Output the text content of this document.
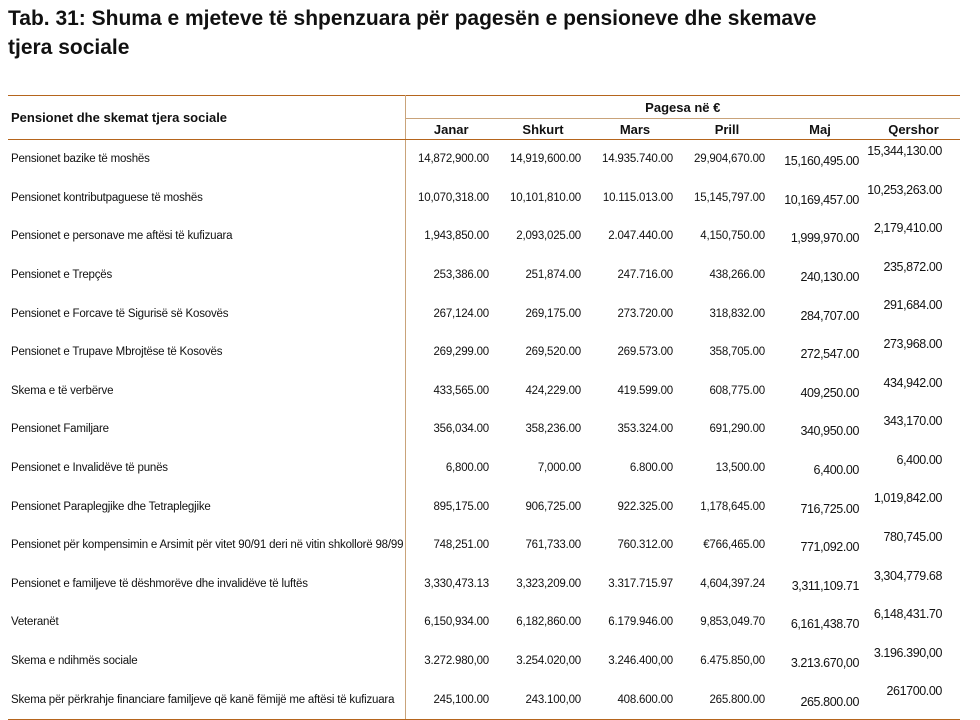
Tab. 31: Shuma e mjeteve të shpenzuara për pagesën e pensioneve dhe skemave
tjera sociale
Pensionet dhe skemat tjera sociale	Pagesa në €					
	Janar	Shkurt	Mars	Prill	Maj	Qershor
Pensionet bazike të moshës	14,872,900.00	14,919,600.00	14.935.740.00	29,904,670.00	15,160,495.00	15,344,130.00
Pensionet kontributpaguese të moshës	10,070,318.00	10,101,810.00	10.115.013.00	15,145,797.00	10,169,457.00	10,253,263.00
Pensionet e personave me aftësi të kufizuara	1,943,850.00	2,093,025.00	2.047.440.00	4,150,750.00	1,999,970.00	2,179,410.00
Pensionet e Trepçës	253,386.00	251,874.00	247.716.00	438,266.00	240,130.00	235,872.00
Pensionet e Forcave të Sigurisë së Kosovës	267,124.00	269,175.00	273.720.00	318,832.00	284,707.00	291,684.00
Pensionet e Trupave Mbrojtëse të Kosovës	269,299.00	269,520.00	269.573.00	358,705.00	272,547.00	273,968.00
Skema e të verbërve	433,565.00	424,229.00	419.599.00	608,775.00	409,250.00	434,942.00
Pensionet Familjare	356,034.00	358,236.00	353.324.00	691,290.00	340,950.00	343,170.00
Pensionet e Invalidëve të punës	6,800.00	7,000.00	6.800.00	13,500.00	6,400.00	6,400.00
Pensionet Paraplegjike dhe Tetraplegjike	895,175.00	906,725.00	922.325.00	1,178,645.00	716,725.00	1,019,842.00
Pensionet për kompensimin e Arsimit për vitet 90/91 deri në vitin shkollorë 98/99	748,251.00	761,733.00	760.312.00	€766,465.00	771,092.00	780,745.00
Pensionet e familjeve të dëshmorëve dhe invalidëve të luftës	3,330,473.13	3,323,209.00	3.317.715.97	4,604,397.24	3,311,109.71	3,304,779.68
Veteranët	6,150,934.00	6,182,860.00	6.179.946.00	9,853,049.70	6,161,438.70	6,148,431.70
Skema e ndihmës sociale	3.272.980,00	3.254.020,00	3.246.400,00	6.475.850,00	3.213.670,00	3.196.390,00
Skema për përkrahje financiare familjeve që kanë fëmijë me aftësi të kufizuara	245,100.00	243.100,00	408.600.00	265.800.00	265.800.00	261700.00
